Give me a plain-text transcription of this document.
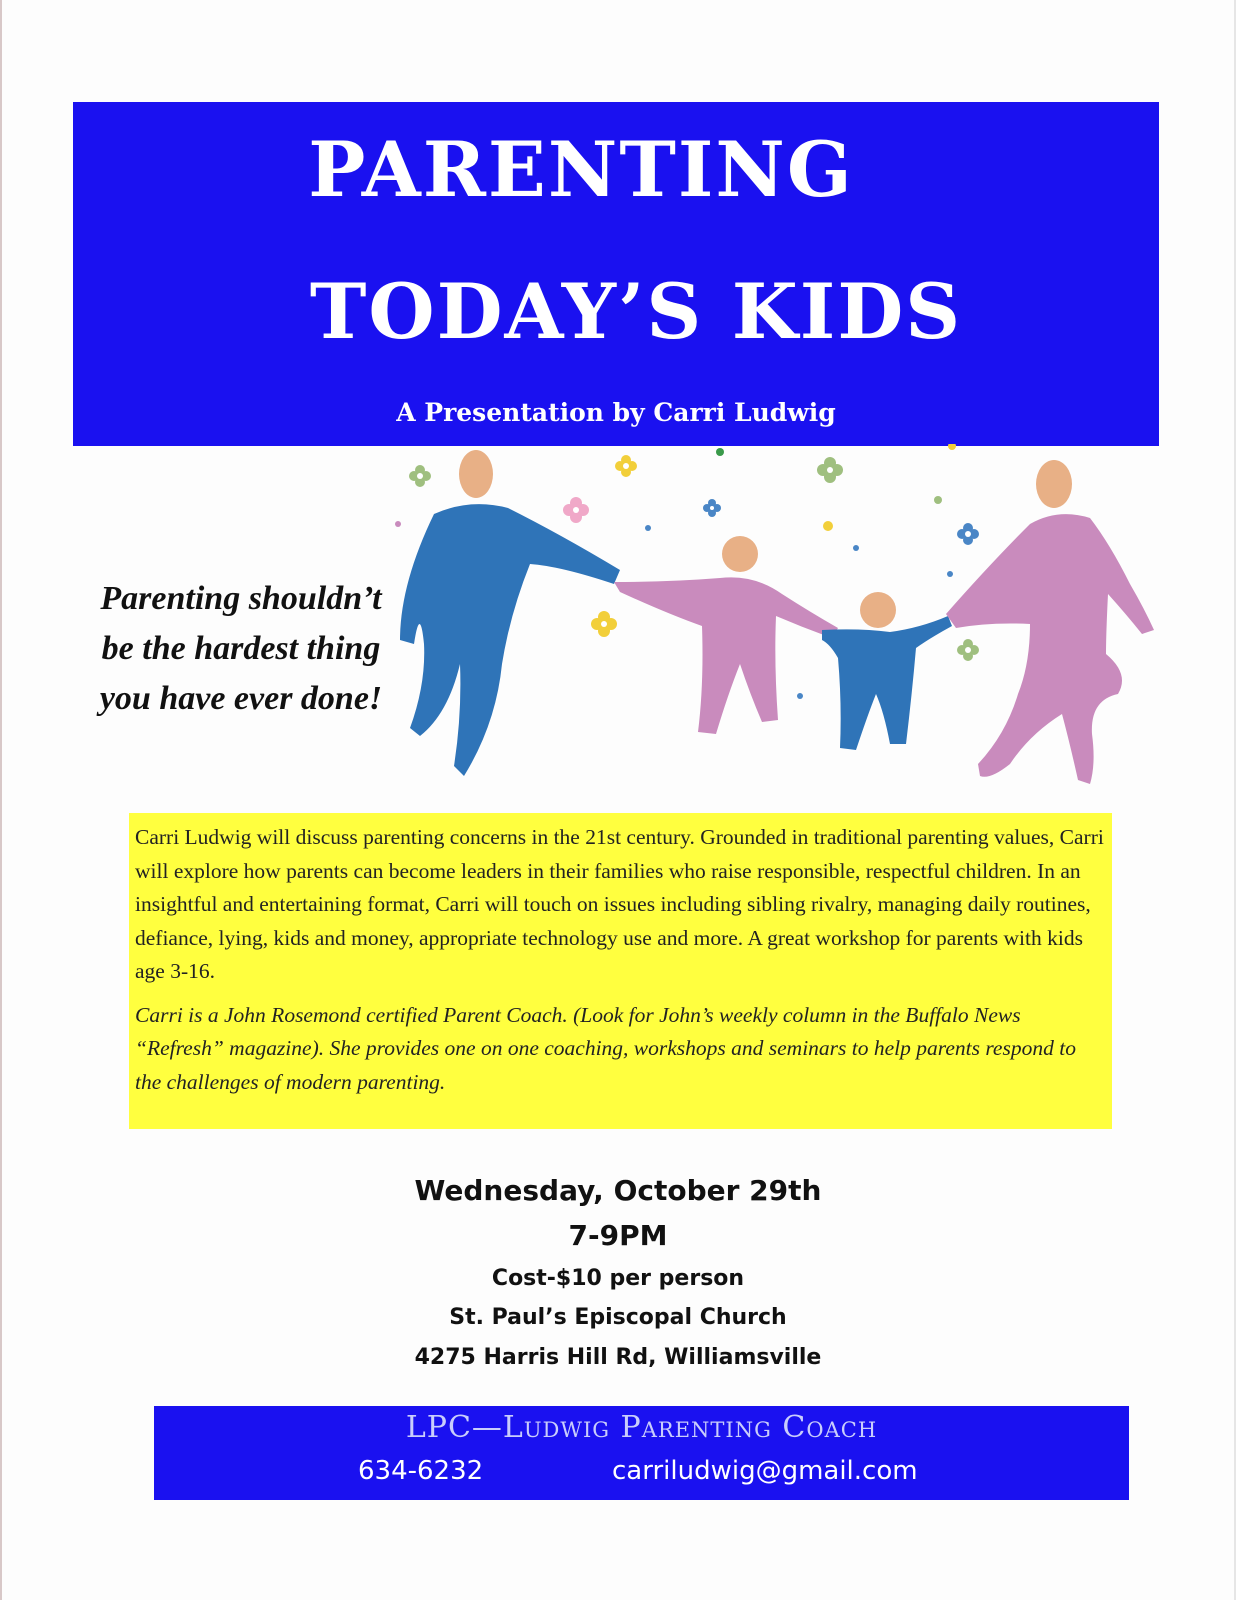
PARENTING
TODAY’S KIDS
A Presentation by Carri Ludwig
Parenting shouldn’t
be the hardest thing
you have ever done!

Carri Ludwig will discuss parenting concerns in the 21st century. Grounded in traditional parenting values, Carri will explore how parents can become leaders in their families who raise responsible, respectful children. In an insightful and entertaining format, Carri will touch on issues including sibling rivalry, managing daily routines, defiance, lying, kids and money, appropriate technology use and more. A great workshop for parents with kids age 3-16.

Carri is a John Rosemond certified Parent Coach. (Look for John’s weekly column in the Buffalo News “Refresh” magazine). She provides one on one coaching, workshops and seminars to help parents respond to the challenges of modern parenting.

Wednesday, October 29th
7-9PM
Cost-$10 per person
St. Paul’s Episcopal Church
4275 Harris Hill Rd, Williamsville
LPC—Ludwig Parenting Coach
634-6232	carriludwig@gmail.com
